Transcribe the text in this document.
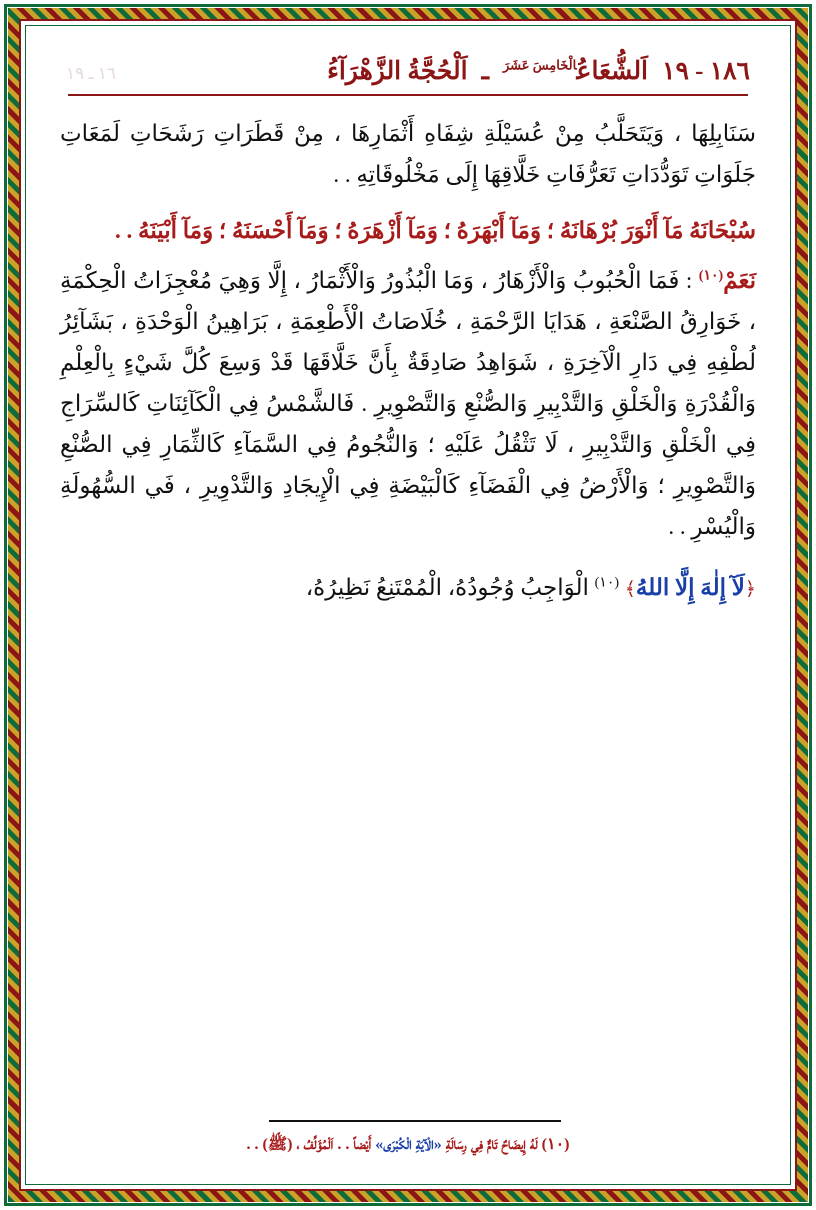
١٨٦ - ١٩
اَلشُّعَاعُ$^{الْخَامِسَ عَشَرَ}$
ـ
اَلْحُجَّةُ الزَّهْرَآءُ
١٦ ـ ١٩

سَنَابِلِهَا ، وَيَتَحَلَّبُ مِنْ عُسَيْلَةِ شِفَاهِ أَثْمَارِهَا ، مِنْ قَطَرَاتِ رَشَحَاتِ لَمَعَاتِ جَلَوَاتِ تَوَدُّدَاتِ تَعَرُّفَاتِ خَلَّاقِهَا إِلَى مَخْلُوقَاتِهِ . .

سُبْحَانَهُ مَآ أَنْوَرَ بُرْهَانَهُ ؛ وَمَآ أَبْهَرَهُ ؛ وَمَآ أَزْهَرَهُ ؛ وَمَآ أَحْسَنَهُ ؛ وَمَآ أَبْيَنَهُ . .

نَعَمْ$^{(١٠)}$ : فَمَا الْحُبُوبُ وَالْأَزْهَارُ ، وَمَا الْبُذُورُ وَالْأَثْمَارُ ، إِلَّا وَهِيَ مُعْجِزَاتُ الْحِكْمَةِ ، خَوَارِقُ الصَّنْعَةِ ، هَدَايَا الرَّحْمَةِ ، خُلَاصَاتُ الْأَطْعِمَةِ ، بَرَاهِينُ الْوَحْدَةِ ، بَشَآئِرُ لُطْفِهِ فِي دَارِ الْآخِرَةِ ، شَوَاهِدُ صَادِقَةٌ بِأَنَّ خَلَّاقَهَا قَدْ وَسِعَ كُلَّ شَيْءٍ بِالْعِلْمِ وَالْقُدْرَةِ وَالْخَلْقِ وَالتَّدْبِيرِ وَالصُّنْعِ وَالتَّصْوِيرِ . فَالشَّمْسُ فِي الْكَآئِنَاتِ كَالسِّرَاجِ فِي الْخَلْقِ وَالتَّدْبِيرِ ، لَا تَثْقُلُ عَلَيْهِ ؛ وَالنُّجُومُ فِي السَّمَآءِ كَالثِّمَارِ فِي الصُّنْعِ وَالتَّصْوِيرِ ؛ وَالْأَرْضُ فِي الْفَضَآءِ كَالْبَيْضَةِ فِي الْإِيجَادِ وَالتَّدْوِيرِ ، فَي السُّهُولَةِ وَالْيُسْرِ . .

﴿لَآ إِلٰهَ إِلَّا اللهُ﴾ $^{(١٠)}$ الْوَاجِبُ وُجُودُهُ، الْمُمْتَنِعُ نَظِيرُهُ،

(١٠) لَهُ إِيضَاحٌ تَامٌّ فِي رِسَالَةِ «الْآيَةِ الْكُبْرَى» أَيْضاً . . اَلْمُؤَلِّفُ ، (ﷺ) . .
